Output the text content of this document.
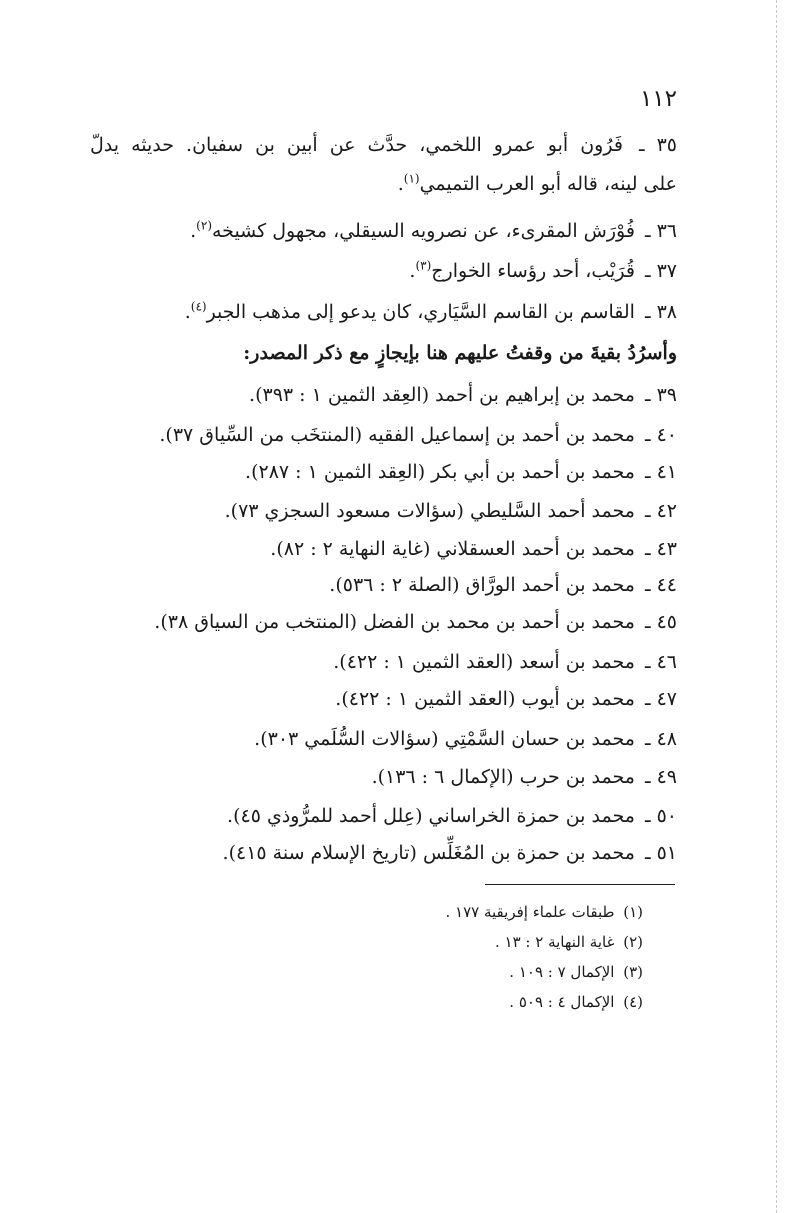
١١٢
٣٥ ـ فَرُون أبو عمرو اللخمي، حدَّث عن أبين بن سفيان. حديثه يدلّ
على لينه، قاله أبو العرب التميمي$^{(١)}$.
٣٦ ـ فُوْرَش المقرىء، عن نصرويه السيقلي، مجهول كشيخه$^{(٢)}$.
٣٧ ـ قُرَيْب، أحد رؤساء الخوارج$^{(٣)}$.
٣٨ ـ القاسم بن القاسم السَّيَاري، كان يدعو إلى مذهب الجبر$^{(٤)}$.
وأسرُدُ بقيةَ من وقفتُ عليهم هنا بإيجازٍ مع ذكر المصدر:
٣٩ ـ محمد بن إبراهيم بن أحمد (العِقد الثمين ١ : ٣٩٣).
٤٠ ـ محمد بن أحمد بن إسماعيل الفقيه (المنتخَب من السِّياق ٣٧).
٤١ ـ محمد بن أحمد بن أبي بكر (العِقد الثمين ١ : ٢٨٧).
٤٢ ـ محمد أحمد السَّليطي (سؤالات مسعود السجزي ٧٣).
٤٣ ـ محمد بن أحمد العسقلاني (غاية النهاية ٢ : ٨٢).
٤٤ ـ محمد بن أحمد الورَّاق (الصلة ٢ : ٥٣٦).
٤٥ ـ محمد بن أحمد بن محمد بن الفضل (المنتخب من السياق ٣٨).
٤٦ ـ محمد بن أسعد (العقد الثمين ١ : ٤٢٢).
٤٧ ـ محمد بن أيوب (العقد الثمين ١ : ٤٢٢).
٤٨ ـ محمد بن حسان السَّمْتِي (سؤالات السُّلَمي ٣٠٣).
٤٩ ـ محمد بن حرب (الإكمال ٦ : ١٣٦).
٥٠ ـ محمد بن حمزة الخراساني (عِلل أحمد للمرُّوذي ٤٥).
٥١ ـ محمد بن حمزة بن المُغَلِّس (تاريخ الإسلام سنة ٤١٥).
(١) طبقات علماء إفريقية ١٧٧ .
(٢) غاية النهاية ٢ : ١٣ .
(٣) الإكمال ٧ : ١٠٩ .
(٤) الإكمال ٤ : ٥٠٩ .
